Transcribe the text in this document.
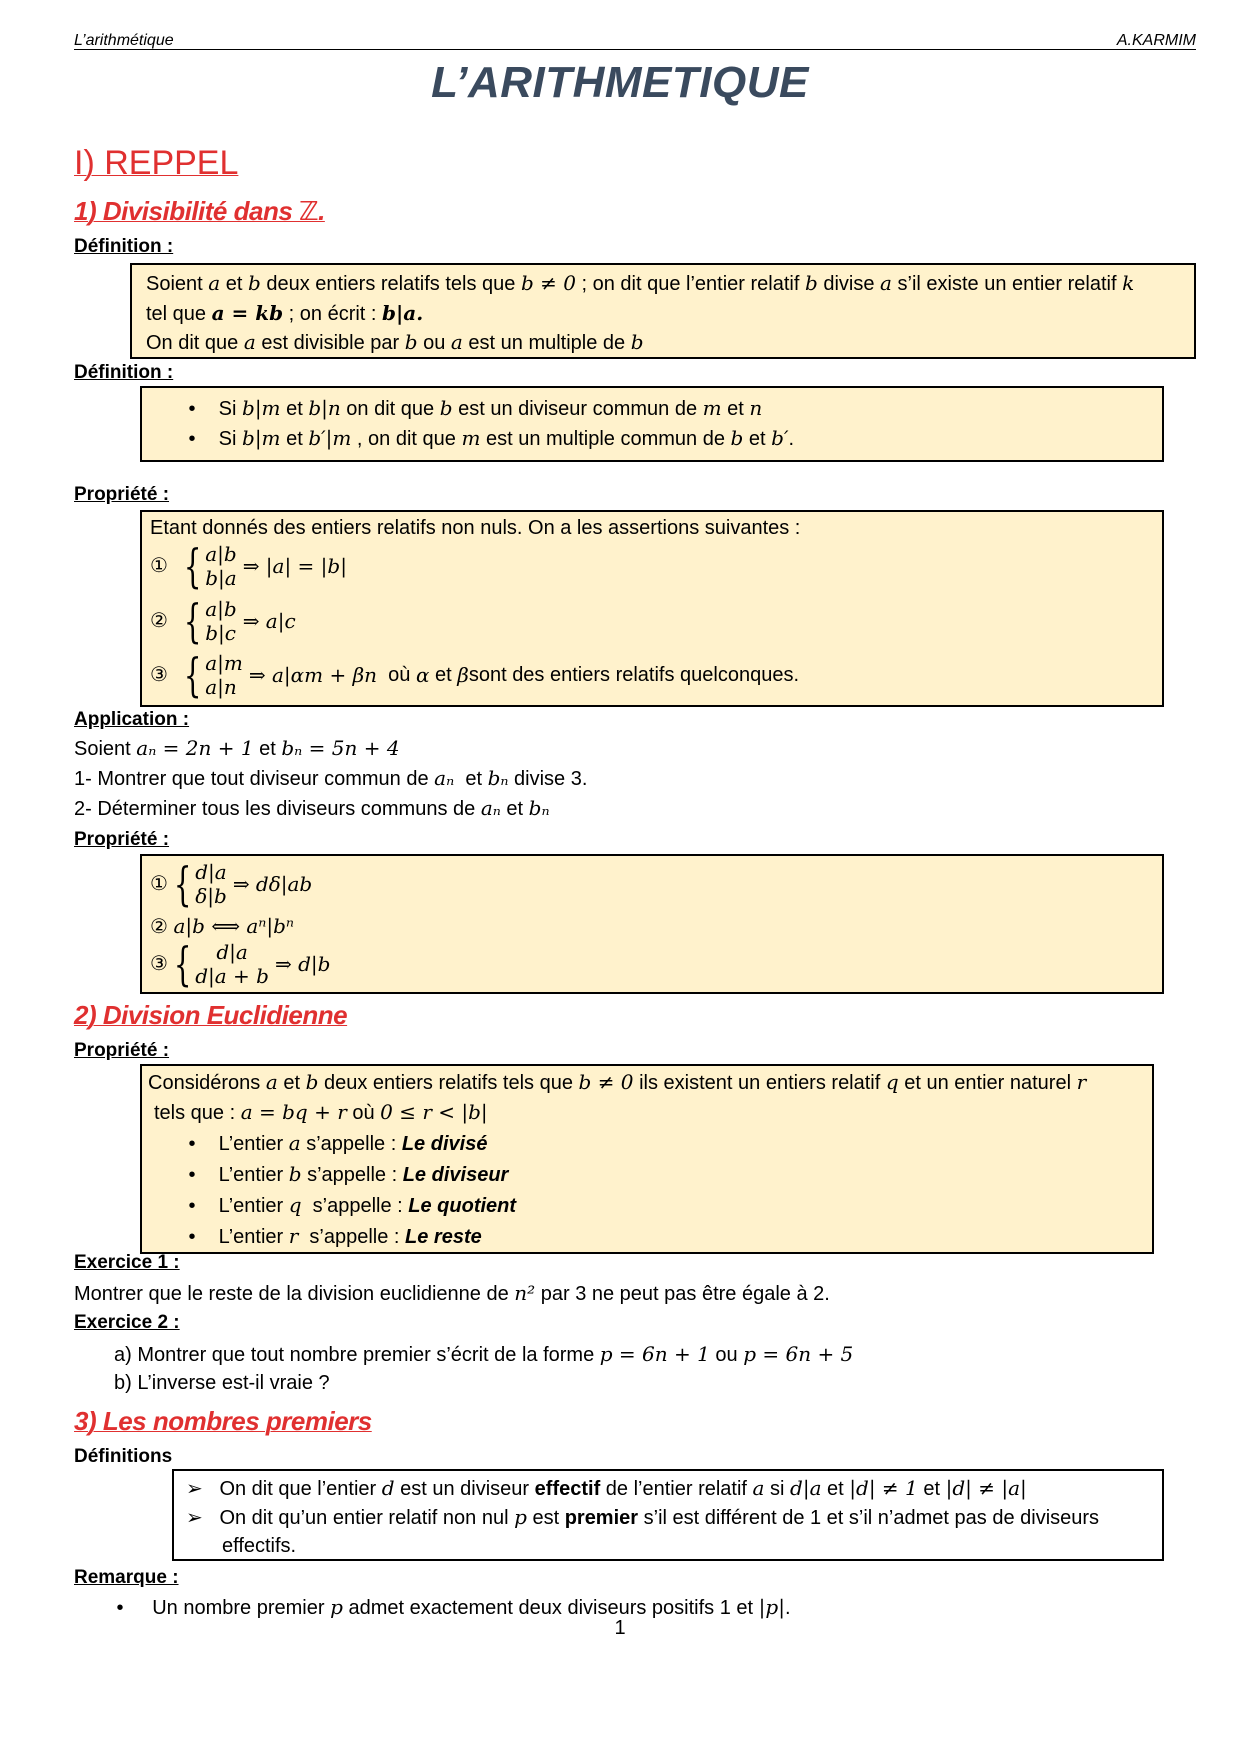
L’arithmétique	A.KARMIM
L’ARITHMETIQUE
I) REPPEL
1) Divisibilité dans ℤ.
Définition :
Soient a et b deux entiers relatifs tels que b ≠ 0 ; on dit que l’entier relatif b divise a s’il existe un entier relatif k
tel que a = kb ; on écrit : b|a.
On dit que a est divisible par b ou a est un multiple de b
Définition :
• Si b|m et b|n on dit que b est un diviseur commun de m et n
• Si b|m et b′|m , on dit que m est un multiple commun de b et b′.
Propriété :
Etant donnés des entiers relatifs non nuls. On a les assertions suivantes :
① { a|b
b|a ⇒ |a| = |b|
② { a|b
b|c ⇒ a|c
③ { a|m
a|n ⇒ a|αm + βn où α et β sont des entiers relatifs quelconques.
Application :
Soient aₙ = 2n + 1 et bₙ = 5n + 4
1- Montrer que tout diviseur commun de aₙ  et bₙ divise 3.
2- Déterminer tous les diviseurs communs de aₙ et bₙ
Propriété :
① { d|a
δ|b ⇒ dδ|ab
② a|b ⟺ aⁿ|bⁿ
③ { d|a
d|a + b ⇒ d|b
2) Division Euclidienne
Propriété :
Considérons a et b deux entiers relatifs tels que b ≠ 0 ils existent un entiers relatif q et un entier naturel r
tels que : a = bq + r où 0 ≤ r < |b|
• L’entier a s’appelle : Le divisé
• L’entier b s’appelle : Le diviseur
• L’entier q  s’appelle : Le quotient
• L’entier r  s’appelle : Le reste
Exercice 1 :
Montrer que le reste de la division euclidienne de n² par 3 ne peut pas être égale à 2.
Exercice 2 :
a) Montrer que tout nombre premier s’écrit de la forme p = 6n + 1 ou p = 6n + 5
b) L’inverse est-il vraie ?
3) Les nombres premiers
Définitions
➢ On dit que l’entier d est un diviseur effectif de l’entier relatif a si d|a et |d| ≠ 1 et |d| ≠ |a|
➢ On dit qu’un entier relatif non nul p est premier s’il est différent de 1 et s’il n’admet pas de diviseurs
effectifs.
Remarque :
• Un nombre premier p admet exactement deux diviseurs positifs 1 et |p|.
1
